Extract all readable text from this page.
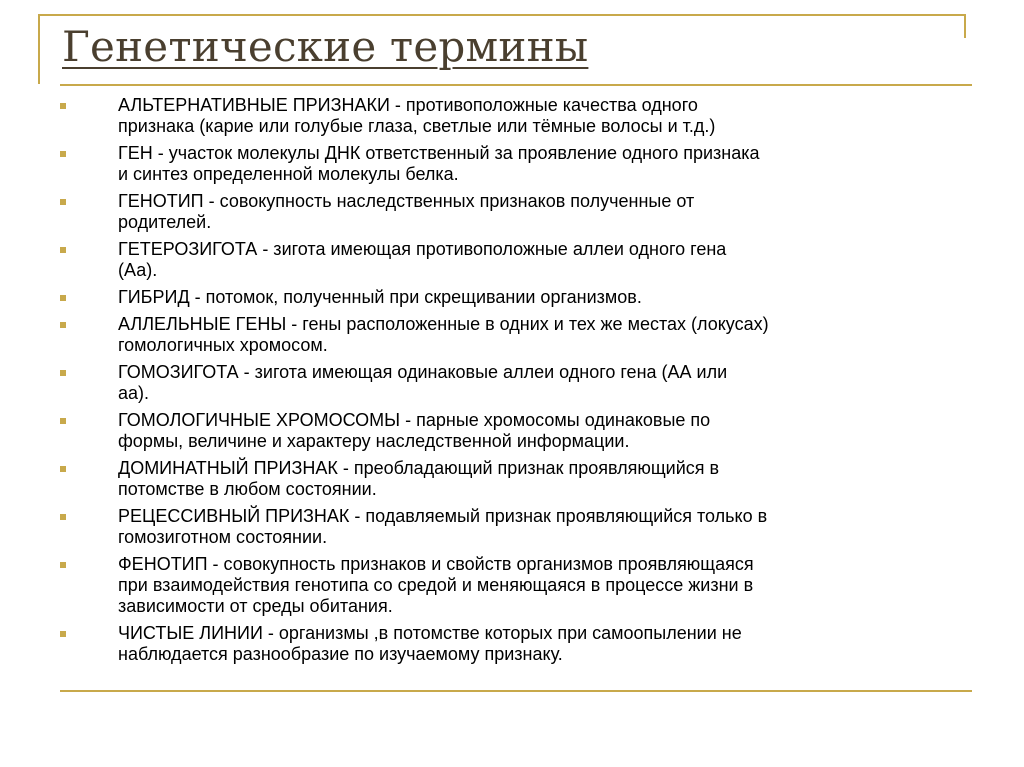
Генетические термины
АЛЬТЕРНАТИВНЫЕ ПРИЗНАКИ - противоположные качества одного
признака (карие или голубые глаза, светлые или тёмные волосы и т.д.)
ГЕН - участок молекулы ДНК ответственный за проявление одного признака
и синтез определенной молекулы белка.
ГЕНОТИП - совокупность наследственных признаков полученные от
родителей.
ГЕТЕРОЗИГОТА - зигота имеющая противоположные аллеи одного гена
(Аа).
ГИБРИД - потомок, полученный при скрещивании организмов.
АЛЛЕЛЬНЫЕ ГЕНЫ - гены расположенные в одних и тех же местах (локусах)
гомологичных хромосом.
ГОМОЗИГОТА - зигота имеющая одинаковые аллеи одного гена (АА или
аа).
ГОМОЛОГИЧНЫЕ ХРОМОСОМЫ - парные хромосомы одинаковые по
формы, величине и характеру наследственной информации.
ДОМИНАТНЫЙ ПРИЗНАК - преобладающий признак проявляющийся в
потомстве в любом состоянии.
РЕЦЕССИВНЫЙ ПРИЗНАК - подавляемый признак проявляющийся только в
гомозиготном состоянии.
ФЕНОТИП - совокупность признаков и свойств организмов проявляющаяся
при взаимодействия генотипа со средой и меняющаяся в процессе жизни в
зависимости от среды обитания.
ЧИСТЫЕ ЛИНИИ - организмы ,в потомстве которых при самоопылении не
наблюдается разнообразие по изучаемому признаку.
